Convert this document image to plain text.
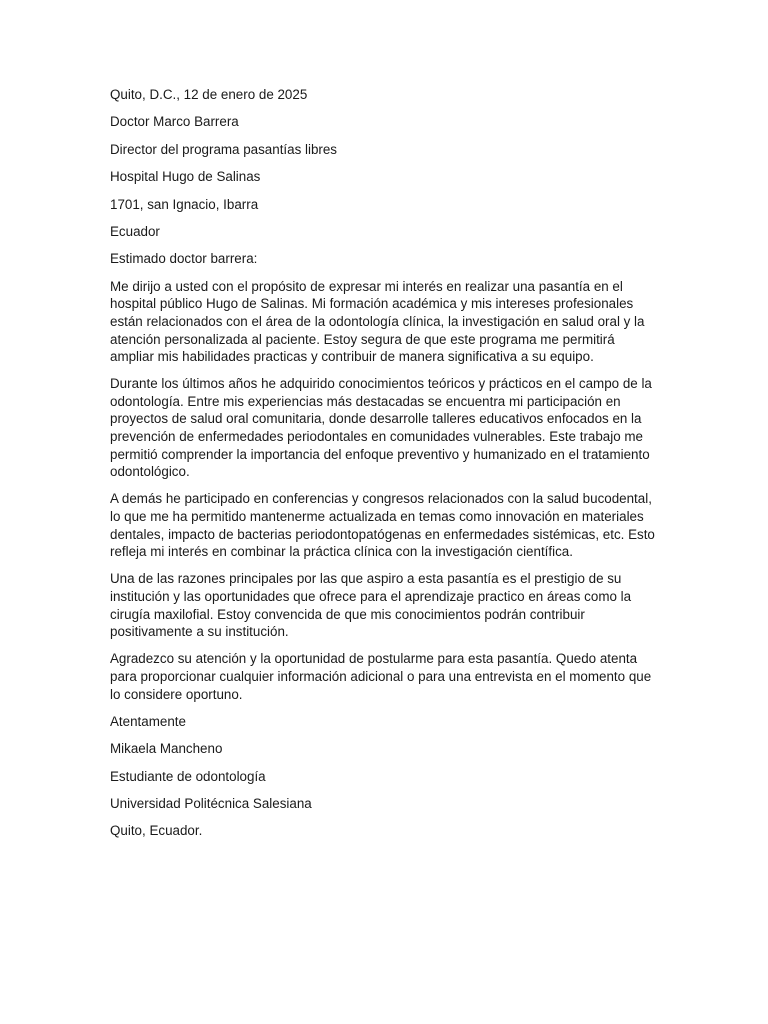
Quito, D.C., 12 de enero de 2025

Doctor Marco Barrera

Director del programa pasantías libres

Hospital Hugo de Salinas

1701, san Ignacio, Ibarra

Ecuador

Estimado doctor barrera:

Me dirijo a usted con el propósito de expresar mi interés en realizar una pasantía en el hospital público Hugo de Salinas. Mi formación académica y mis intereses profesionales están relacionados con el área de la odontología clínica, la investigación en salud oral y la atención personalizada al paciente. Estoy segura de que este programa me permitirá ampliar mis habilidades practicas y contribuir de manera significativa a su equipo.

Durante los últimos años he adquirido conocimientos teóricos y prácticos en el campo de la odontología. Entre mis experiencias más destacadas se encuentra mi participación en proyectos de salud oral comunitaria, donde desarrolle talleres educativos enfocados en la prevención de enfermedades periodontales en comunidades vulnerables. Este trabajo me permitió comprender la importancia del enfoque preventivo y humanizado en el tratamiento odontológico.

A demás he participado en conferencias y congresos relacionados con la salud bucodental, lo que me ha permitido mantenerme actualizada en temas como innovación en materiales dentales, impacto de bacterias periodontopatógenas en enfermedades sistémicas, etc. Esto refleja mi interés en combinar la práctica clínica con la investigación científica.

Una de las razones principales por las que aspiro a esta pasantía es el prestigio de su institución y las oportunidades que ofrece para el aprendizaje practico en áreas como la cirugía maxilofial. Estoy convencida de que mis conocimientos podrán contribuir positivamente a su institución.

Agradezco su atención y la oportunidad de postularme para esta pasantía. Quedo atenta para proporcionar cualquier información adicional o para una entrevista en el momento que lo considere oportuno.

Atentamente

Mikaela Mancheno

Estudiante de odontología

Universidad Politécnica Salesiana

Quito, Ecuador.
